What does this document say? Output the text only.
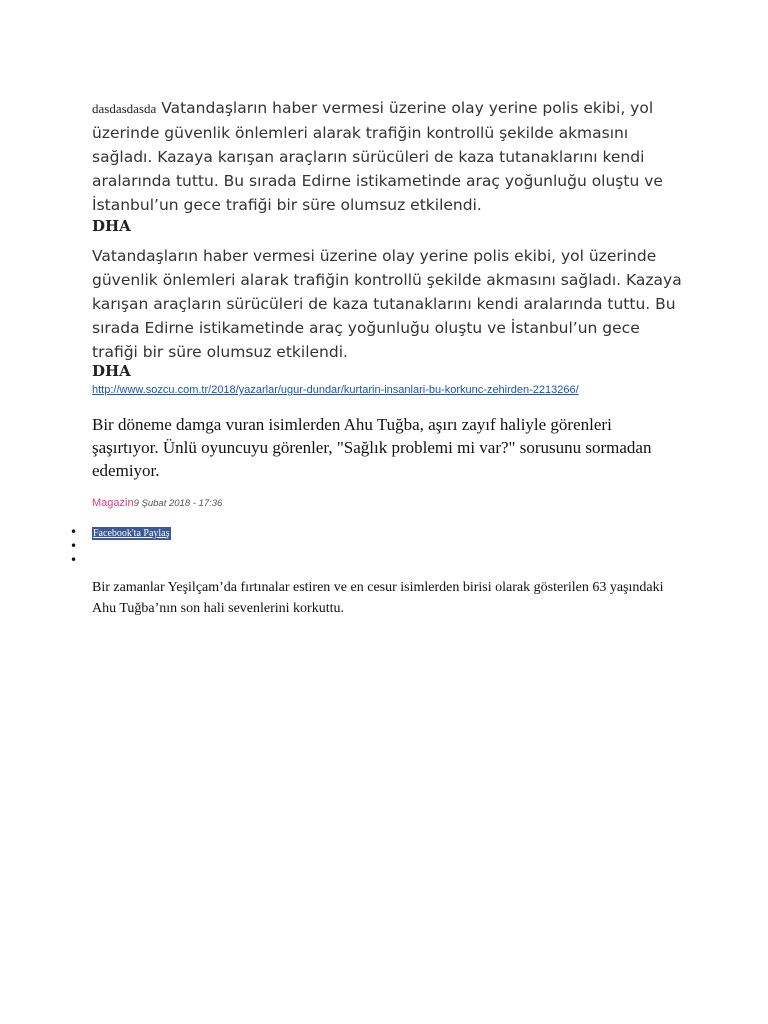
dasdasdasda Vatandaşların haber vermesi üzerine olay yerine polis ekibi, yol üzerinde güvenlik önlemleri alarak trafiğin kontrollü şekilde akmasını sağladı. Kazaya karışan araçların sürücüleri de kaza tutanaklarını kendi aralarında tuttu. Bu sırada Edirne istikametinde araç yoğunluğu oluştu ve İstanbul’un gece trafiği bir süre olumsuz etkilendi.

DHA

Vatandaşların haber vermesi üzerine olay yerine polis ekibi, yol üzerinde güvenlik önlemleri alarak trafiğin kontrollü şekilde akmasını sağladı. Kazaya karışan araçların sürücüleri de kaza tutanaklarını kendi aralarında tuttu. Bu sırada Edirne istikametinde araç yoğunluğu oluştu ve İstanbul’un gece trafiği bir süre olumsuz etkilendi.

DHA

http://www.sozcu.com.tr/2018/yazarlar/ugur-dundar/kurtarin-insanlari-bu-korkunc-zehirden-2213266/

Bir döneme damga vuran isimlerden Ahu Tuğba, aşırı zayıf haliyle görenleri şaşırtıyor. Ünlü oyuncuyu görenler, "Sağlık problemi mi var?" sorusunu sormadan edemiyor.

Magazin9 Şubat 2018 - 17:36
• Facebook'ta Paylaş
•
•

Bir zamanlar Yeşilçam’da fırtınalar estiren ve en cesur isimlerden birisi olarak gösterilen 63 yaşındaki Ahu Tuğba’nın son hali sevenlerini korkuttu.
